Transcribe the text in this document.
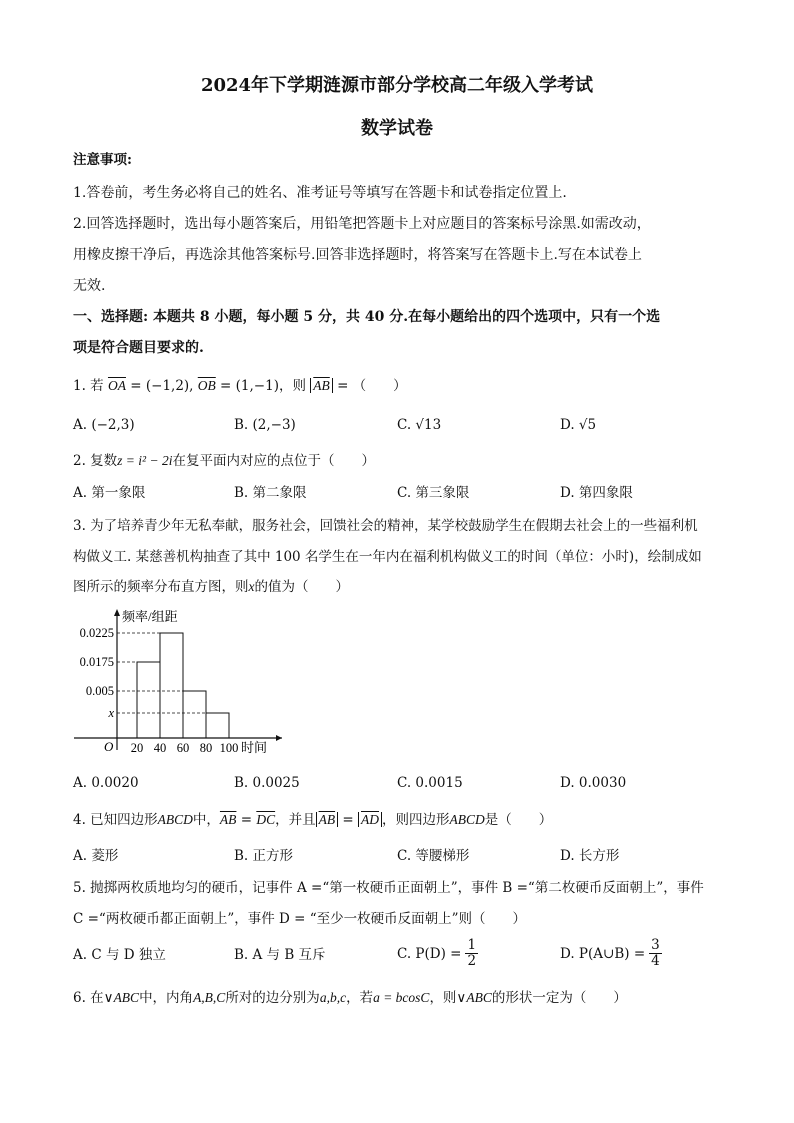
2024年下学期涟源市部分学校高二年级入学考试
数学试卷
注意事项:
1.答卷前，考生务必将自己的姓名、准考证号等填写在答题卡和试卷指定位置上.
2.回答选择题时，选出每小题答案后，用铅笔把答题卡上对应题目的答案标号涂黑.如需改动，
用橡皮擦干净后，再选涂其他答案标号.回答非选择题时，将答案写在答题卡上.写在本试卷上
无效.
一、选择题: 本题共 8 小题，每小题 5 分，共 40 分.在每小题给出的四个选项中，只有一个选
项是符合题目要求的.
1. 若 $\overline{OA} = (-1,2)$, $\overline{OB} = (1,-1)$，则 $\overline{AB}$ = （　　）
A. (−2,3)	B. (2,−3)	C. √13	D. √5
2. 复数z = i² − 2i在复平面内对应的点位于（　　）
A. 第一象限	B. 第二象限	C. 第三象限	D. 第四象限
3. 为了培养青少年无私奉献，服务社会，回馈社会的精神，某学校鼓励学生在假期去社会上的一些福利机
构做义工. 某慈善机构抽查了其中 100 名学生在一年内在福利机构做义工的时间（单位：小时)，绘制成如
图所示的频率分布直方图，则x的值为（　　）
频率/组距
O
0.0225
0.0175
0.005
x
20 40 60 80 100 时间
A. 0.0020	B. 0.0025	C. 0.0015	D. 0.0030
4. 已知四边形ABCD中，$\overline{AB} = \overline{DC}$，并且 $\overline{AB} = \overline{AD}$ ，则四边形ABCD是（　　）
A. 菱形	B. 正方形	C. 等腰梯形	D. 长方形
5. 抛掷两枚质地均匀的硬币，记事件 A =“第一枚硬币正面朝上”，事件 B =“第二枚硬币反面朝上”，事件
C =“两枚硬币都正面朝上”，事件 D = “至少一枚硬币反面朝上”则（　　）
A. C 与 D 独立	B. A 与 B 互斥	C. $P(D) = \frac{1}{2}$	D. P(A∪B) = $\frac{3}{4}$
6. 在∨ABC中，内角A,B,C所对的边分别为a,b,c，若a = bcosC，则∨ABC的形状一定为（　　）
